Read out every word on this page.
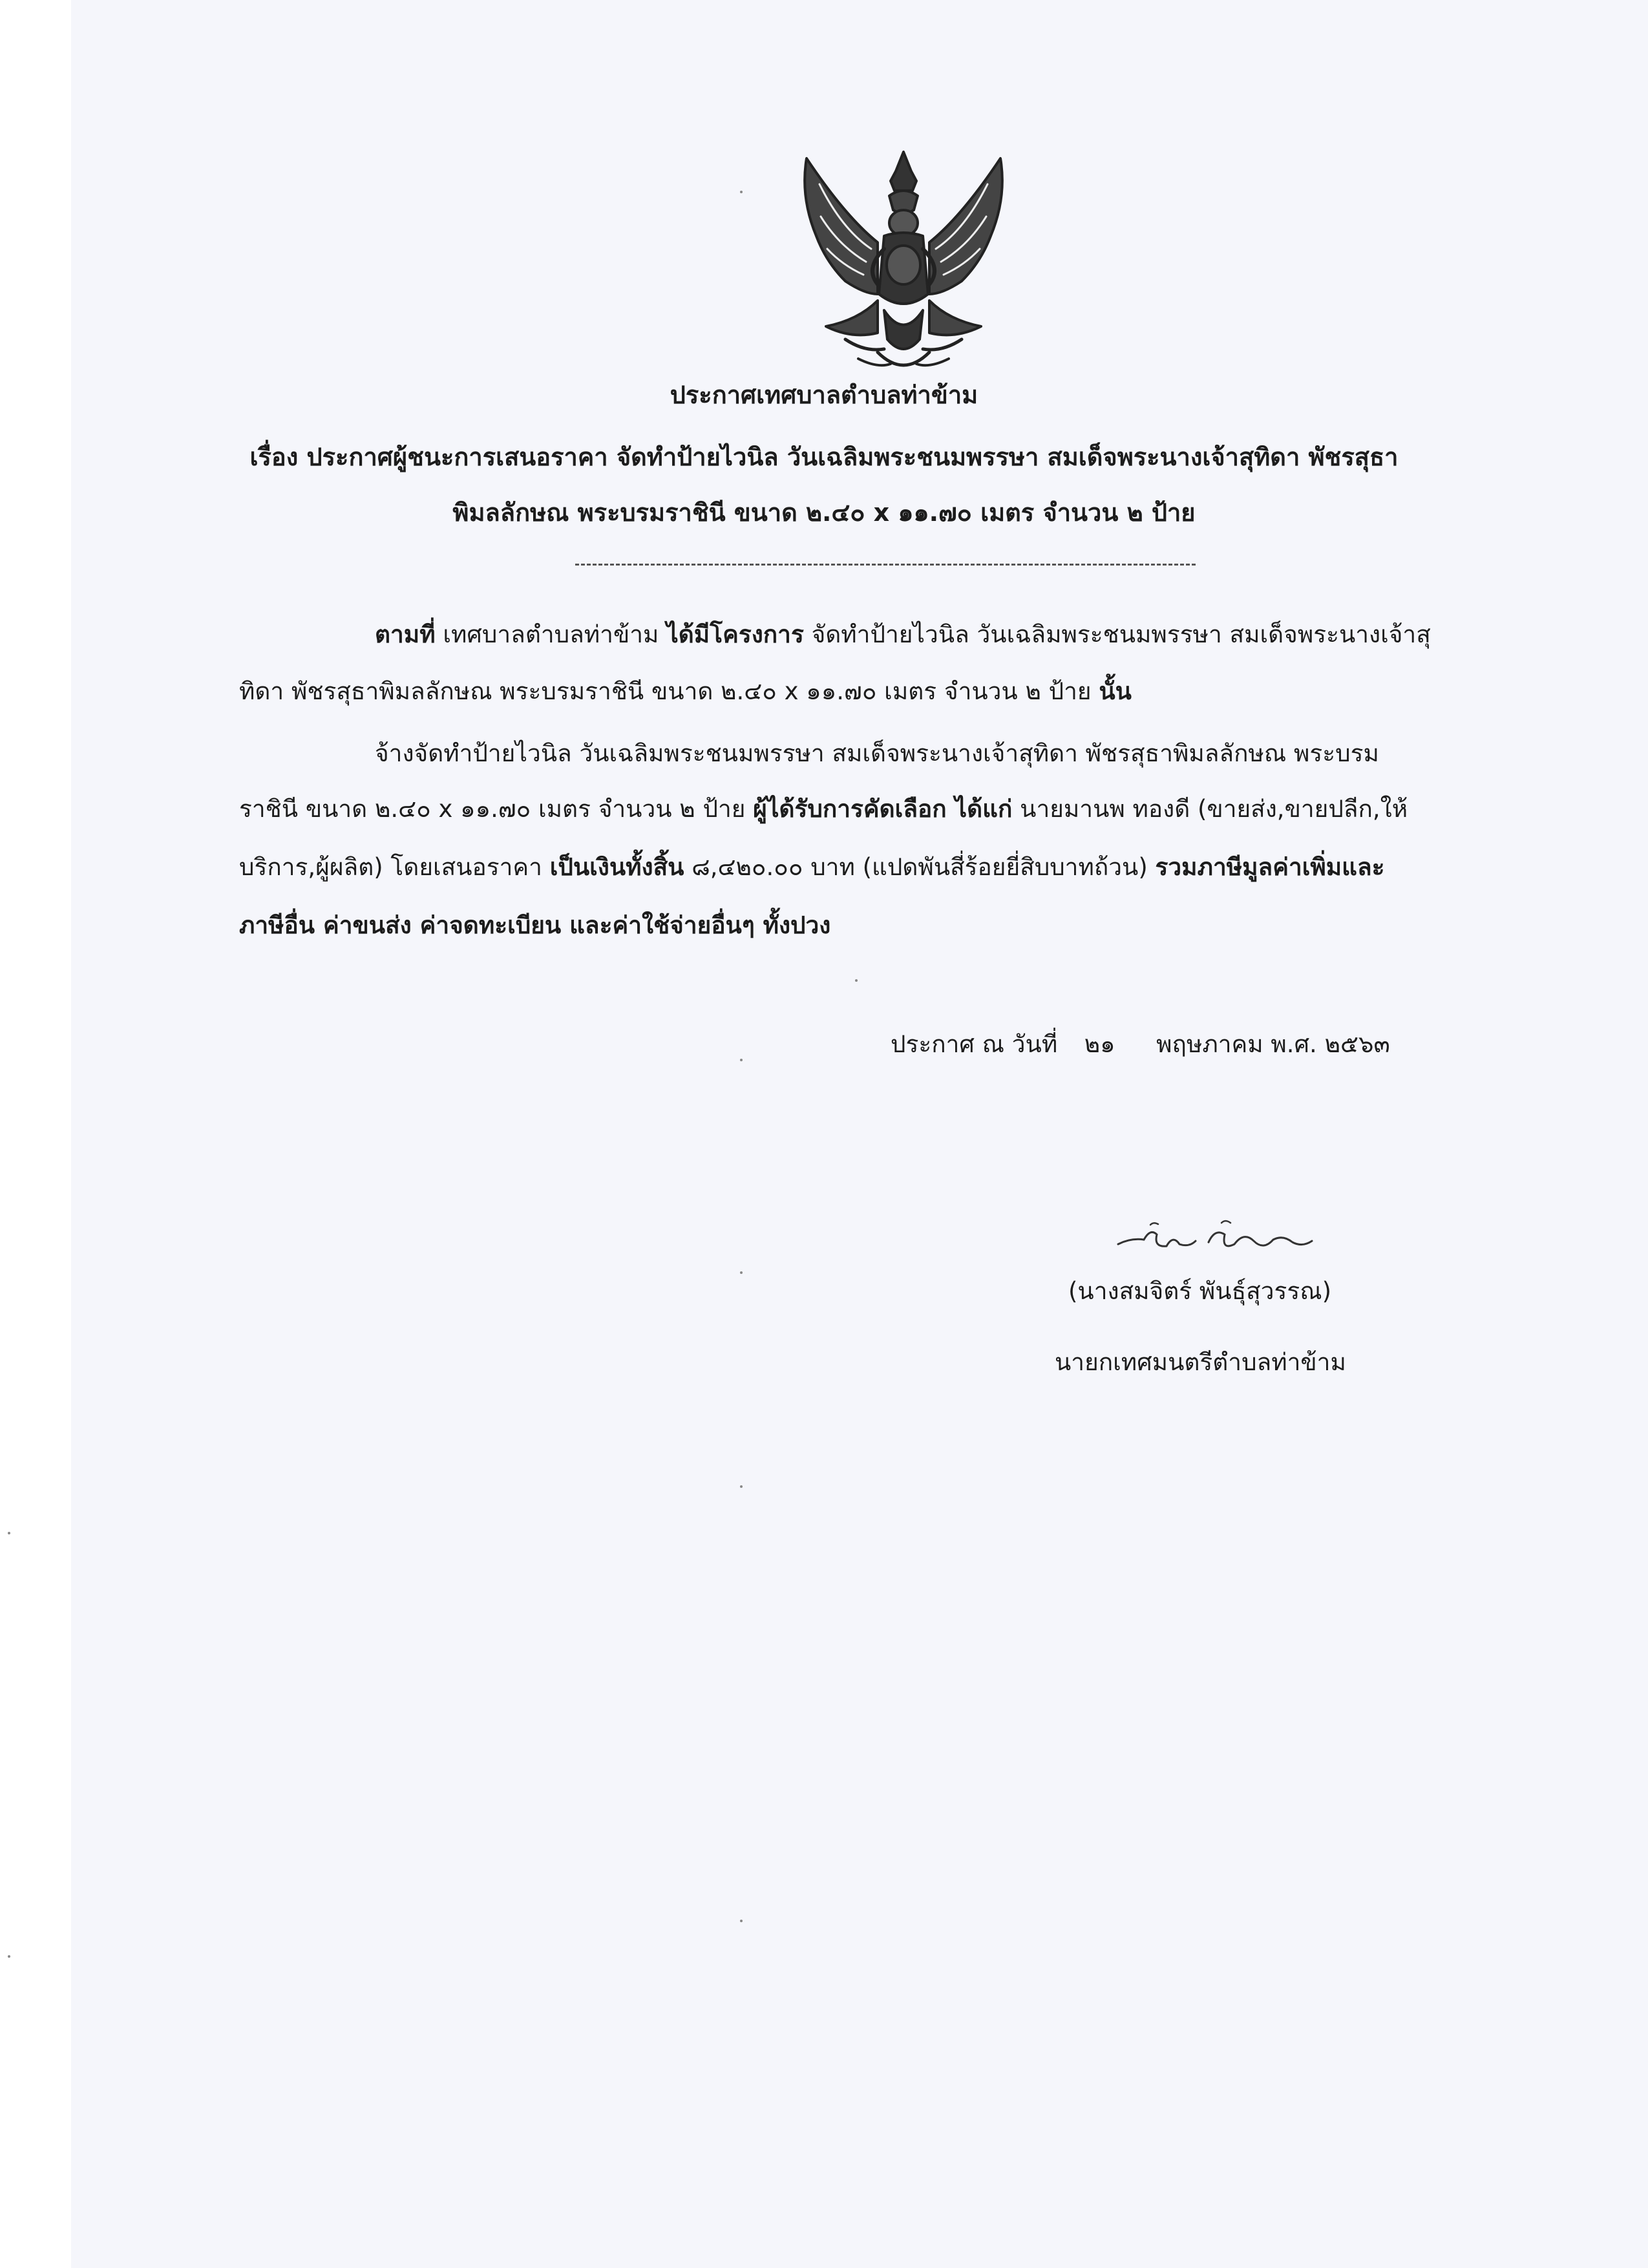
ประกาศเทศบาลตำบลท่าข้าม
เรื่อง ประกาศผู้ชนะการเสนอราคา จัดทำป้ายไวนิล วันเฉลิมพระชนมพรรษา สมเด็จพระนางเจ้าสุทิดา พัชรสุธา
พิมลลักษณ พระบรมราชินี ขนาด ๒.๔๐ x ๑๑.๗๐ เมตร จำนวน ๒ ป้าย
ตามที่ เทศบาลตำบลท่าข้าม ได้มีโครงการ จัดทำป้ายไวนิล วันเฉลิมพระชนมพรรษา สมเด็จพระนางเจ้าสุ
ทิดา พัชรสุธาพิมลลักษณ พระบรมราชินี ขนาด ๒.๔๐ x ๑๑.๗๐ เมตร จำนวน ๒ ป้าย นั้น
จ้างจัดทำป้ายไวนิล วันเฉลิมพระชนมพรรษา สมเด็จพระนางเจ้าสุทิดา พัชรสุธาพิมลลักษณ พระบรม
ราชินี ขนาด ๒.๔๐ x ๑๑.๗๐ เมตร จำนวน ๒ ป้าย ผู้ได้รับการคัดเลือก ได้แก่ นายมานพ ทองดี (ขายส่ง,ขายปลีก,ให้
บริการ,ผู้ผลิต) โดยเสนอราคา เป็นเงินทั้งสิ้น ๘,๔๒๐.๐๐ บาท (แปดพันสี่ร้อยยี่สิบบาทถ้วน) รวมภาษีมูลค่าเพิ่มและ
ภาษีอื่น ค่าขนส่ง ค่าจดทะเบียน และค่าใช้จ่ายอื่นๆ ทั้งปวง
ประกาศ ณ วันที่ ๒๑ พฤษภาคม พ.ศ. ๒๕๖๓
(นางสมจิตร์ พันธุ์สุวรรณ)
นายกเทศมนตรีตำบลท่าข้าม
